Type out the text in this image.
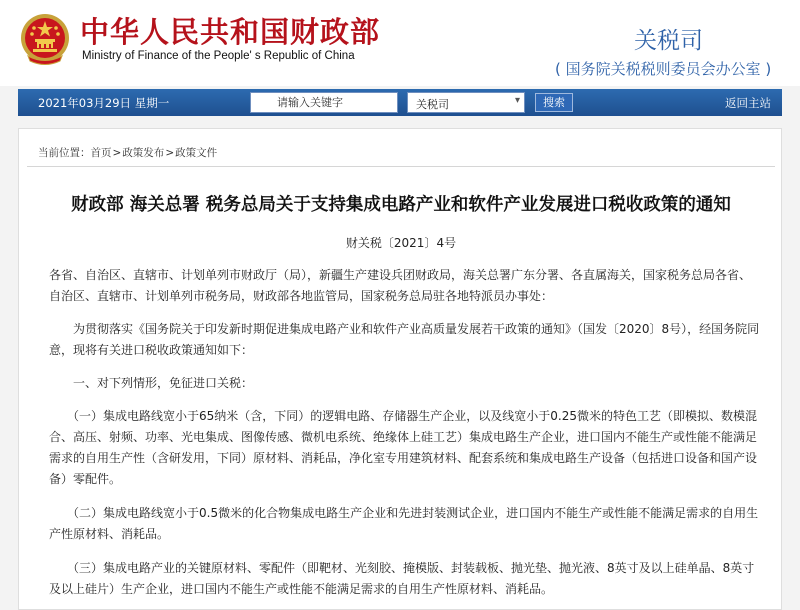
中华人民共和国财政部
Ministry of Finance of the People' s Republic of China
关税司
( 国务院关税税则委员会办公室 )
2021年03月29日 星期一
请输入关键字	关税司	▾	搜索	返回主站
当前位置：首页>政策发布>政策文件
财政部 海关总署 税务总局关于支持集成电路产业和软件产业发展进口税收政策的通知
财关税〔2021〕4号
各省、自治区、直辖市、计划单列市财政厅（局），新疆生产建设兵团财政局，海关总署广东分署、各直属海关，国家税务总局各省、自治区、直辖市、计划单列市税务局，财政部各地监管局，国家税务总局驻各地特派员办事处：
　　为贯彻落实《国务院关于印发新时期促进集成电路产业和软件产业高质量发展若干政策的通知》（国发〔2020〕8号），经国务院同意，现将有关进口税收政策通知如下：
　　一、对下列情形，免征进口关税：
　　（一）集成电路线宽小于65纳米（含，下同）的逻辑电路、存储器生产企业，以及线宽小于0.25微米的特色工艺（即模拟、数模混合、高压、射频、功率、光电集成、图像传感、微机电系统、绝缘体上硅工艺）集成电路生产企业，进口国内不能生产或性能不能满足需求的自用生产性（含研发用，下同）原材料、消耗品，净化室专用建筑材料、配套系统和集成电路生产设备（包括进口设备和国产设备）零配件。
　　（二）集成电路线宽小于0.5微米的化合物集成电路生产企业和先进封装测试企业，进口国内不能生产或性能不能满足需求的自用生产性原材料、消耗品。
　　（三）集成电路产业的关键原材料、零配件（即靶材、光刻胶、掩模版、封装载板、抛光垫、抛光液、8英寸及以上硅单晶、8英寸及以上硅片）生产企业，进口国内不能生产或性能不能满足需求的自用生产性原材料、消耗品。
